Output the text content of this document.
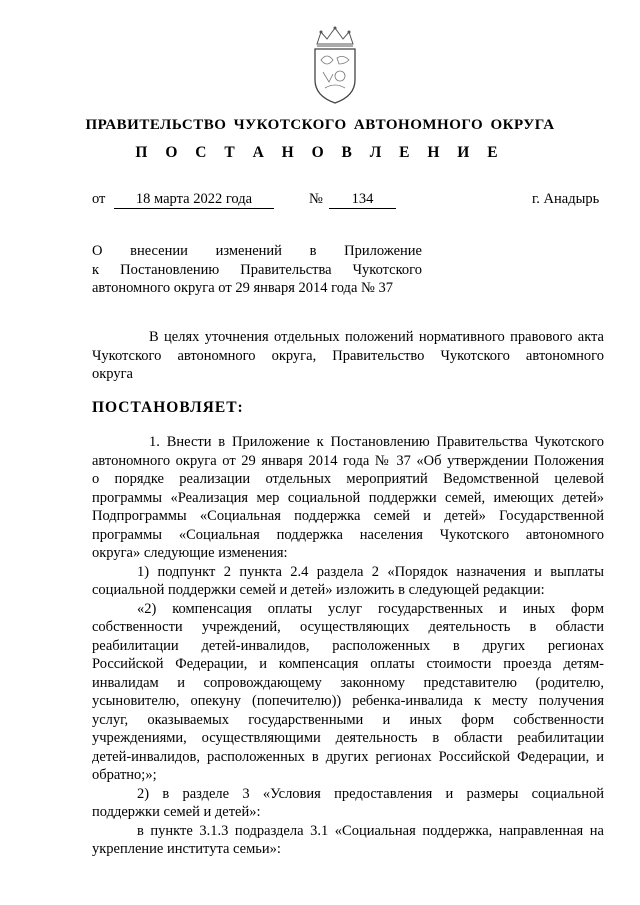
ПРАВИТЕЛЬСТВО ЧУКОТСКОГО АВТОНОМНОГО ОКРУГА
П О С Т А Н О В Л Е Н И Е
от	18 марта 2022 года	№	134	г. Анадырь
О внесении изменений в Приложение
к Постановлению Правительства Чукотского
автономного округа от 29 января 2014 года № 37
В целях уточнения отдельных положений нормативного правового акта
Чукотского автономного округа, Правительство Чукотского автономного
округа
ПОСТАНОВЛЯЕТ:
1. Внести в Приложение к Постановлению Правительства Чукотского
автономного округа от 29 января 2014 года № 37 «Об утверждении Положения
о порядке реализации отдельных мероприятий Ведомственной целевой
программы «Реализация мер социальной поддержки семей, имеющих детей»
Подпрограммы «Социальная поддержка семей и детей» Государственной
программы «Социальная поддержка населения Чукотского автономного
округа» следующие изменения:
1) подпункт 2 пункта 2.4 раздела 2 «Порядок назначения и выплаты
социальной поддержки семей и детей» изложить в следующей редакции:
«2) компенсация оплаты услуг государственных и иных форм
собственности учреждений, осуществляющих деятельность в области
реабилитации детей-инвалидов, расположенных в других регионах
Российской Федерации, и компенсация оплаты стоимости проезда детям-
инвалидам и сопровождающему законному представителю (родителю,
усыновителю, опекуну (попечителю)) ребенка-инвалида к месту получения
услуг, оказываемых государственными и иных форм собственности
учреждениями, осуществляющими деятельность в области реабилитации
детей-инвалидов, расположенных в других регионах Российской Федерации, и
обратно;»;
2) в разделе 3 «Условия предоставления и размеры социальной
поддержки семей и детей»:
в пункте 3.1.3 подраздела 3.1 «Социальная поддержка, направленная на
укрепление института семьи»:
